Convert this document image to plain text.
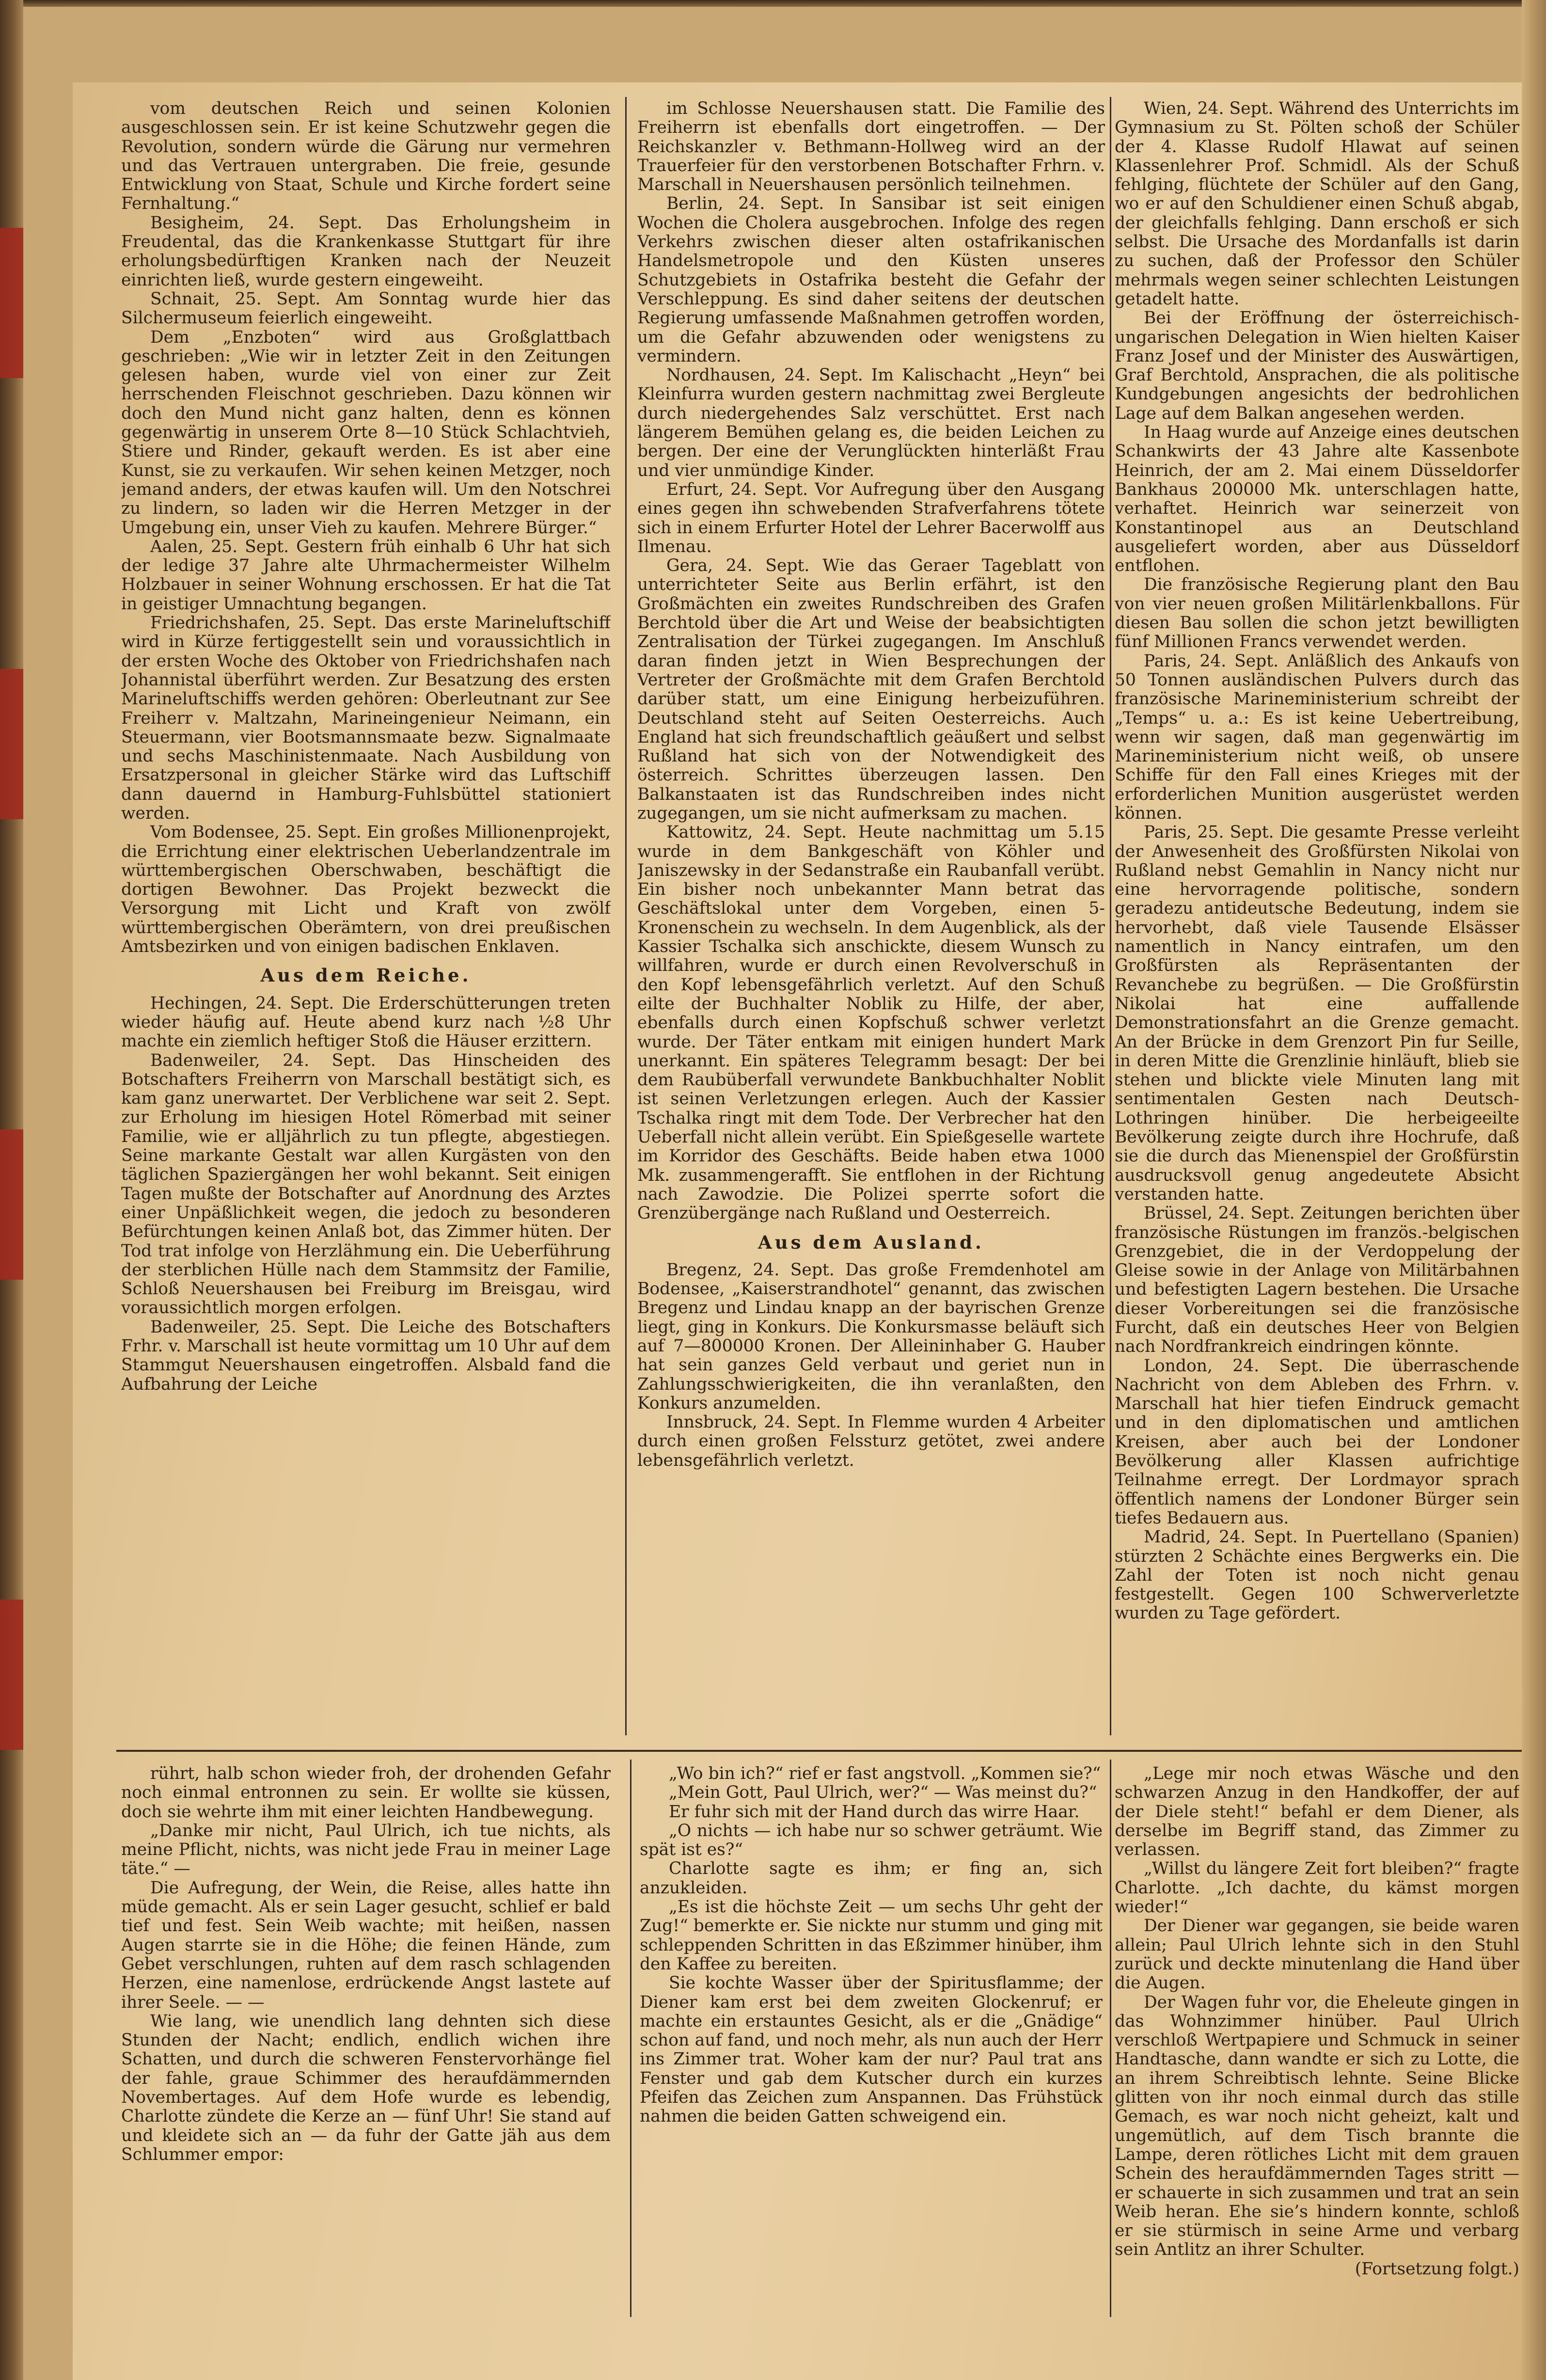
vom deutschen Reich und seinen Kolonien ausgeschlossen sein. Er ist keine Schutzwehr gegen die Revolution, sondern würde die Gärung nur vermehren und das Vertrauen untergraben. Die freie, gesunde Entwicklung von Staat, Schule und Kirche fordert seine Fernhaltung.“

Besigheim, 24. Sept. Das Erholungsheim in Freudental, das die Krankenkasse Stuttgart für ihre erholungsbedürftigen Kranken nach der Neuzeit einrichten ließ, wurde gestern eingeweiht.

Schnait, 25. Sept. Am Sonntag wurde hier das Silchermuseum feierlich eingeweiht.

Dem „Enzboten“ wird aus Großglattbach geschrieben: „Wie wir in letzter Zeit in den Zeitungen gelesen haben, wurde viel von einer zur Zeit herrschenden Fleischnot geschrieben. Dazu können wir doch den Mund nicht ganz halten, denn es können gegenwärtig in unserem Orte 8—10 Stück Schlachtvieh, Stiere und Rinder, gekauft werden. Es ist aber eine Kunst, sie zu verkaufen. Wir sehen keinen Metzger, noch jemand anders, der etwas kaufen will. Um den Notschrei zu lindern, so laden wir die Herren Metzger in der Umgebung ein, unser Vieh zu kaufen. Mehrere Bürger.“

Aalen, 25. Sept. Gestern früh einhalb 6 Uhr hat sich der ledige 37 Jahre alte Uhrmachermeister Wilhelm Holzbauer in seiner Wohnung erschossen. Er hat die Tat in geistiger Umnachtung begangen.

Friedrichshafen, 25. Sept. Das erste Marineluftschiff wird in Kürze fertiggestellt sein und voraussichtlich in der ersten Woche des Oktober von Friedrichshafen nach Johannistal überführt werden. Zur Besatzung des ersten Marineluftschiffs werden gehören: Oberleutnant zur See Freiherr v. Maltzahn, Marineingenieur Neimann, ein Steuermann, vier Bootsmannsmaate bezw. Signalmaate und sechs Maschinistenmaate. Nach Ausbildung von Ersatzpersonal in gleicher Stärke wird das Luftschiff dann dauernd in Hamburg-Fuhlsbüttel stationiert werden.

Vom Bodensee, 25. Sept. Ein großes Millionenprojekt, die Errichtung einer elektrischen Ueberlandzentrale im württembergischen Oberschwaben, beschäftigt die dortigen Bewohner. Das Projekt bezweckt die Versorgung mit Licht und Kraft von zwölf württembergischen Oberämtern, von drei preußischen Amtsbezirken und von einigen badischen Enklaven.

Aus dem Reiche.

Hechingen, 24. Sept. Die Erderschütterungen treten wieder häufig auf. Heute abend kurz nach ½8 Uhr machte ein ziemlich heftiger Stoß die Häuser erzittern.

Badenweiler, 24. Sept. Das Hinscheiden des Botschafters Freiherrn von Marschall bestätigt sich, es kam ganz unerwartet. Der Verblichene war seit 2. Sept. zur Erholung im hiesigen Hotel Römerbad mit seiner Familie, wie er alljährlich zu tun pflegte, abgestiegen. Seine markante Gestalt war allen Kurgästen von den täglichen Spaziergängen her wohl bekannt. Seit einigen Tagen mußte der Botschafter auf Anordnung des Arztes einer Unpäßlichkeit wegen, die jedoch zu besonderen Befürchtungen keinen Anlaß bot, das Zimmer hüten. Der Tod trat infolge von Herzlähmung ein. Die Ueberführung der sterblichen Hülle nach dem Stammsitz der Familie, Schloß Neuershausen bei Freiburg im Breisgau, wird voraussichtlich morgen erfolgen.

Badenweiler, 25. Sept. Die Leiche des Botschafters Frhr. v. Marschall ist heute vormittag um 10 Uhr auf dem Stammgut Neuershausen eingetroffen. Alsbald fand die Aufbahrung der Leiche

im Schlosse Neuershausen statt. Die Familie des Freiherrn ist ebenfalls dort eingetroffen. — Der Reichskanzler v. Bethmann-Hollweg wird an der Trauerfeier für den verstorbenen Botschafter Frhrn. v. Marschall in Neuershausen persönlich teilnehmen.

Berlin, 24. Sept. In Sansibar ist seit einigen Wochen die Cholera ausgebrochen. Infolge des regen Verkehrs zwischen dieser alten ostafrikanischen Handelsmetropole und den Küsten unseres Schutzgebiets in Ostafrika besteht die Gefahr der Verschleppung. Es sind daher seitens der deutschen Regierung umfassende Maßnahmen getroffen worden, um die Gefahr abzuwenden oder wenigstens zu vermindern.

Nordhausen, 24. Sept. Im Kalischacht „Heyn“ bei Kleinfurra wurden gestern nachmittag zwei Bergleute durch niedergehendes Salz verschüttet. Erst nach längerem Bemühen gelang es, die beiden Leichen zu bergen. Der eine der Verunglückten hinterläßt Frau und vier unmündige Kinder.

Erfurt, 24. Sept. Vor Aufregung über den Ausgang eines gegen ihn schwebenden Strafverfahrens tötete sich in einem Erfurter Hotel der Lehrer Bacerwolff aus Ilmenau.

Gera, 24. Sept. Wie das Geraer Tageblatt von unterrichteter Seite aus Berlin erfährt, ist den Großmächten ein zweites Rundschreiben des Grafen Berchtold über die Art und Weise der beabsichtigten Zentralisation der Türkei zugegangen. Im Anschluß daran finden jetzt in Wien Besprechungen der Vertreter der Großmächte mit dem Grafen Berchtold darüber statt, um eine Einigung herbeizuführen. Deutschland steht auf Seiten Oesterreichs. Auch England hat sich freundschaftlich geäußert und selbst Rußland hat sich von der Notwendigkeit des österreich. Schrittes überzeugen lassen. Den Balkanstaaten ist das Rundschreiben indes nicht zugegangen, um sie nicht aufmerksam zu machen.

Kattowitz, 24. Sept. Heute nachmittag um 5.15 wurde in dem Bankgeschäft von Köhler und Janiszewsky in der Sedanstraße ein Raubanfall verübt. Ein bisher noch unbekannter Mann betrat das Geschäftslokal unter dem Vorgeben, einen 5-Kronenschein zu wechseln. In dem Augenblick, als der Kassier Tschalka sich anschickte, diesem Wunsch zu willfahren, wurde er durch einen Revolverschuß in den Kopf lebensgefährlich verletzt. Auf den Schuß eilte der Buchhalter Noblik zu Hilfe, der aber, ebenfalls durch einen Kopfschuß schwer verletzt wurde. Der Täter entkam mit einigen hundert Mark unerkannt. Ein späteres Telegramm besagt: Der bei dem Raubüberfall verwundete Bankbuchhalter Noblit ist seinen Verletzungen erlegen. Auch der Kassier Tschalka ringt mit dem Tode. Der Verbrecher hat den Ueberfall nicht allein verübt. Ein Spießgeselle wartete im Korridor des Geschäfts. Beide haben etwa 1000 Mk. zusammengerafft. Sie entflohen in der Richtung nach Zawodzie. Die Polizei sperrte sofort die Grenzübergänge nach Rußland und Oesterreich.

Aus dem Ausland.

Bregenz, 24. Sept. Das große Fremdenhotel am Bodensee, „Kaiserstrandhotel“ genannt, das zwischen Bregenz und Lindau knapp an der bayrischen Grenze liegt, ging in Konkurs. Die Konkursmasse beläuft sich auf 7—800000 Kronen. Der Alleininhaber G. Hauber hat sein ganzes Geld verbaut und geriet nun in Zahlungsschwierigkeiten, die ihn veranlaßten, den Konkurs anzumelden.

Innsbruck, 24. Sept. In Flemme wurden 4 Arbeiter durch einen großen Felssturz getötet, zwei andere lebensgefährlich verletzt.

Wien, 24. Sept. Während des Unterrichts im Gymnasium zu St. Pölten schoß der Schüler der 4. Klasse Rudolf Hlawat auf seinen Klassenlehrer Prof. Schmidl. Als der Schuß fehlging, flüchtete der Schüler auf den Gang, wo er auf den Schuldiener einen Schuß abgab, der gleichfalls fehlging. Dann erschoß er sich selbst. Die Ursache des Mordanfalls ist darin zu suchen, daß der Professor den Schüler mehrmals wegen seiner schlechten Leistungen getadelt hatte.

Bei der Eröffnung der österreichisch-ungarischen Delegation in Wien hielten Kaiser Franz Josef und der Minister des Auswärtigen, Graf Berchtold, Ansprachen, die als politische Kundgebungen angesichts der bedrohlichen Lage auf dem Balkan angesehen werden.

In Haag wurde auf Anzeige eines deutschen Schankwirts der 43 Jahre alte Kassenbote Heinrich, der am 2. Mai einem Düsseldorfer Bankhaus 200000 Mk. unterschlagen hatte, verhaftet. Heinrich war seinerzeit von Konstantinopel aus an Deutschland ausgeliefert worden, aber aus Düsseldorf entflohen.

Die französische Regierung plant den Bau von vier neuen großen Militärlenkballons. Für diesen Bau sollen die schon jetzt bewilligten fünf Millionen Francs verwendet werden.

Paris, 24. Sept. Anläßlich des Ankaufs von 50 Tonnen ausländischen Pulvers durch das französische Marineministerium schreibt der „Temps“ u. a.: Es ist keine Uebertreibung, wenn wir sagen, daß man gegenwärtig im Marineministerium nicht weiß, ob unsere Schiffe für den Fall eines Krieges mit der erforderlichen Munition ausgerüstet werden können.

Paris, 25. Sept. Die gesamte Presse verleiht der Anwesenheit des Großfürsten Nikolai von Rußland nebst Gemahlin in Nancy nicht nur eine hervorragende politische, sondern geradezu antideutsche Bedeutung, indem sie hervorhebt, daß viele Tausende Elsässer namentlich in Nancy eintrafen, um den Großfürsten als Repräsentanten der Revanchebe zu begrüßen. — Die Großfürstin Nikolai hat eine auffallende Demonstrationsfahrt an die Grenze gemacht. An der Brücke in dem Grenzort Pin fur Seille, in deren Mitte die Grenzlinie hinläuft, blieb sie stehen und blickte viele Minuten lang mit sentimentalen Gesten nach Deutsch-Lothringen hinüber. Die herbeigeeilte Bevölkerung zeigte durch ihre Hochrufe, daß sie die durch das Mienenspiel der Großfürstin ausdrucksvoll genug angedeutete Absicht verstanden hatte.

Brüssel, 24. Sept. Zeitungen berichten über französische Rüstungen im französ.-belgischen Grenzgebiet, die in der Verdoppelung der Gleise sowie in der Anlage von Militärbahnen und befestigten Lagern bestehen. Die Ursache dieser Vorbereitungen sei die französische Furcht, daß ein deutsches Heer von Belgien nach Nordfrankreich eindringen könnte.

London, 24. Sept. Die überraschende Nachricht von dem Ableben des Frhrn. v. Marschall hat hier tiefen Eindruck gemacht und in den diplomatischen und amtlichen Kreisen, aber auch bei der Londoner Bevölkerung aller Klassen aufrichtige Teilnahme erregt. Der Lordmayor sprach öffentlich namens der Londoner Bürger sein tiefes Bedauern aus.

Madrid, 24. Sept. In Puertellano (Spanien) stürzten 2 Schächte eines Bergwerks ein. Die Zahl der Toten ist noch nicht genau festgestellt. Gegen 100 Schwerverletzte wurden zu Tage gefördert.

rührt, halb schon wieder froh, der drohenden Gefahr noch einmal entronnen zu sein. Er wollte sie küssen, doch sie wehrte ihm mit einer leichten Handbewegung.

„Danke mir nicht, Paul Ulrich, ich tue nichts, als meine Pflicht, nichts, was nicht jede Frau in meiner Lage täte.“ —

Die Aufregung, der Wein, die Reise, alles hatte ihn müde gemacht. Als er sein Lager gesucht, schlief er bald tief und fest. Sein Weib wachte; mit heißen, nassen Augen starrte sie in die Höhe; die feinen Hände, zum Gebet verschlungen, ruhten auf dem rasch schlagenden Herzen, eine namenlose, erdrückende Angst lastete auf ihrer Seele. — —

Wie lang, wie unendlich lang dehnten sich diese Stunden der Nacht; endlich, endlich wichen ihre Schatten, und durch die schweren Fenstervorhänge fiel der fahle, graue Schimmer des heraufdämmernden Novembertages. Auf dem Hofe wurde es lebendig, Charlotte zündete die Kerze an — fünf Uhr! Sie stand auf und kleidete sich an — da fuhr der Gatte jäh aus dem Schlummer empor:

„Wo bin ich?“ rief er fast angstvoll. „Kommen sie?“

„Mein Gott, Paul Ulrich, wer?“ — Was meinst du?“

Er fuhr sich mit der Hand durch das wirre Haar.

„O nichts — ich habe nur so schwer geträumt. Wie spät ist es?“

Charlotte sagte es ihm; er fing an, sich anzukleiden.

„Es ist die höchste Zeit — um sechs Uhr geht der Zug!“ bemerkte er. Sie nickte nur stumm und ging mit schleppenden Schritten in das Eßzimmer hinüber, ihm den Kaffee zu bereiten.

Sie kochte Wasser über der Spiritusflamme; der Diener kam erst bei dem zweiten Glockenruf; er machte ein erstauntes Gesicht, als er die „Gnädige“ schon auf fand, und noch mehr, als nun auch der Herr ins Zimmer trat. Woher kam der nur? Paul trat ans Fenster und gab dem Kutscher durch ein kurzes Pfeifen das Zeichen zum Anspannen. Das Frühstück nahmen die beiden Gatten schweigend ein.

„Lege mir noch etwas Wäsche und den schwarzen Anzug in den Handkoffer, der auf der Diele steht!“ befahl er dem Diener, als derselbe im Begriff stand, das Zimmer zu verlassen.

„Willst du längere Zeit fort bleiben?“ fragte Charlotte. „Ich dachte, du kämst morgen wieder!“

Der Diener war gegangen, sie beide waren allein; Paul Ulrich lehnte sich in den Stuhl zurück und deckte minutenlang die Hand über die Augen.

Der Wagen fuhr vor, die Eheleute gingen in das Wohnzimmer hinüber. Paul Ulrich verschloß Wertpapiere und Schmuck in seiner Handtasche, dann wandte er sich zu Lotte, die an ihrem Schreibtisch lehnte. Seine Blicke glitten von ihr noch einmal durch das stille Gemach, es war noch nicht geheizt, kalt und ungemütlich, auf dem Tisch brannte die Lampe, deren rötliches Licht mit dem grauen Schein des heraufdämmernden Tages stritt — er schauerte in sich zusammen und trat an sein Weib heran. Ehe sie’s hindern konnte, schloß er sie stürmisch in seine Arme und verbarg sein Antlitz an ihrer Schulter.

(Fortsetzung folgt.)
